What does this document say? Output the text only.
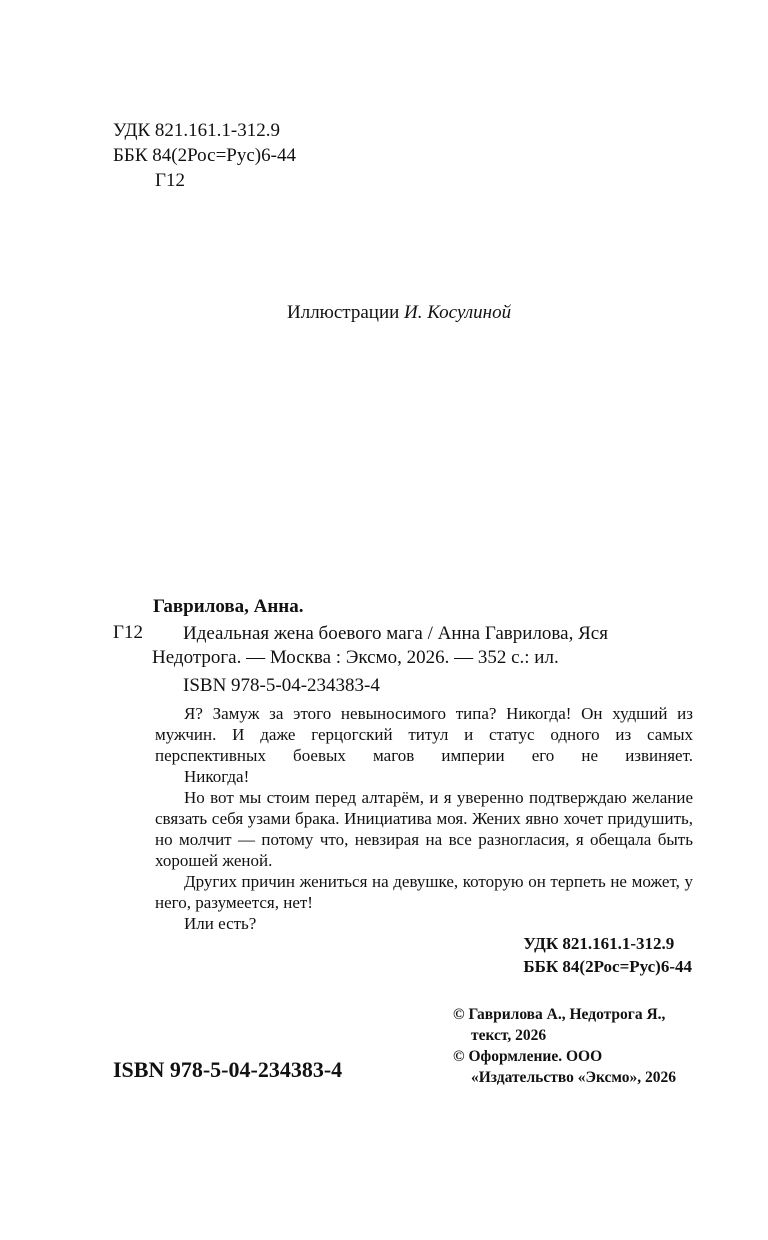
УДК 821.161.1-312.9
ББК 84(2Рос=Рус)6-44
Г12
Иллюстрации И. Косулиной
Гаврилова, Анна.
Г12 Идеальная жена боевого мага / Анна Гаврилова, Яся
Недотрога. — Москва : Эксмо, 2026. — 352 с.: ил.
ISBN 978-5-04-234383-4

Я? Замуж за этого невыносимого типа? Никогда! Он худший из мужчин. И даже герцогский титул и статус одного из самых перспективных боевых магов империи его не извиняет.

Никогда!

Но вот мы стоим перед алтарём, и я уверенно подтверждаю желание связать себя узами брака. Инициатива моя. Жених явно хочет придушить, но молчит — потому что, невзирая на все разногласия, я обещала быть хорошей женой.

Других причин жениться на девушке, которую он терпеть не может, у него, разумеется, нет!

Или есть?

УДК 821.161.1-312.9
ББК 84(2Рос=Рус)6-44
© Гаврилова А., Недотрога Я.,
текст, 2026
© Оформление. ООО
«Издательство «Эксмо», 2026
ISBN 978-5-04-234383-4
